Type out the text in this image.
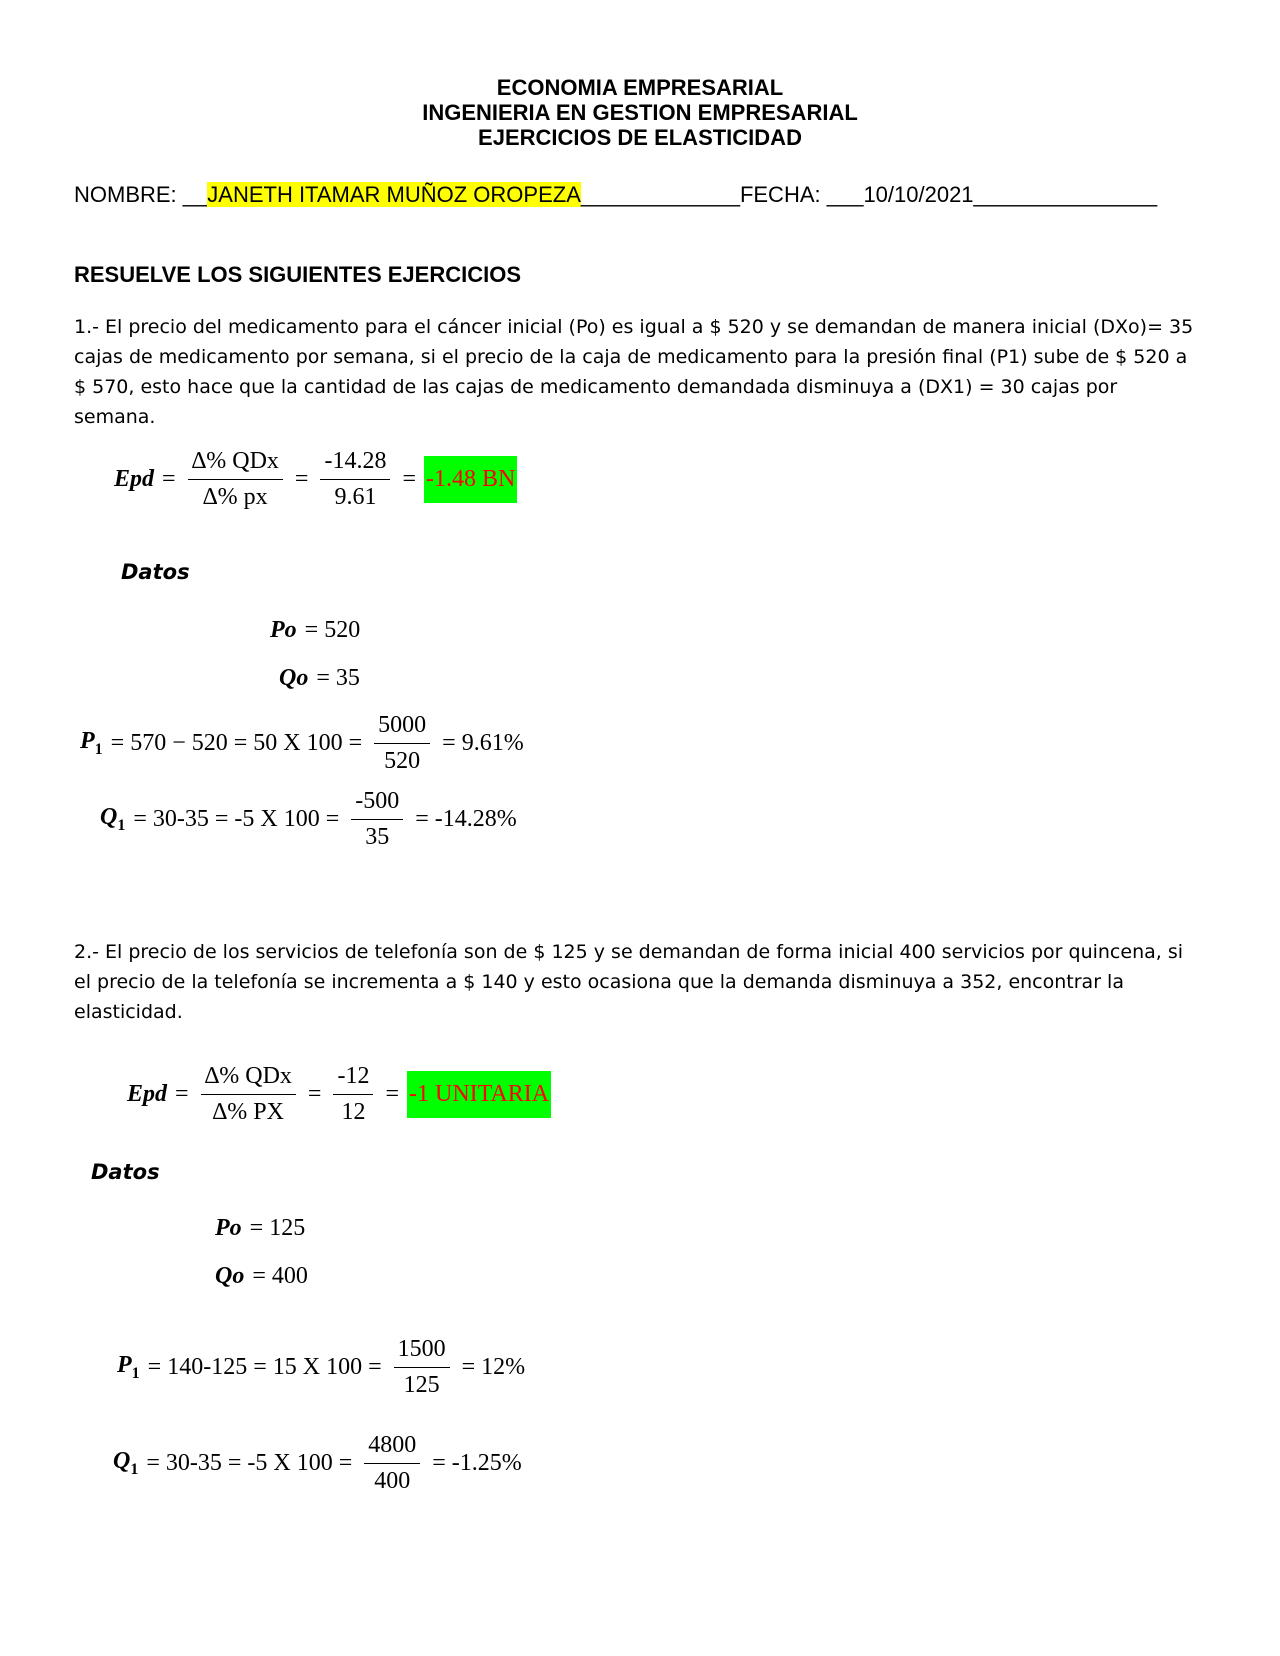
ECONOMIA EMPRESARIAL
INGENIERIA EN GESTION EMPRESARIAL
EJERCICIOS DE ELASTICIDAD
NOMBRE: __JANETH ITAMAR MUÑOZ OROPEZA_____________FECHA: ___10/10/2021_______________
RESUELVE LOS SIGUIENTES EJERCICIOS
1.- El precio del medicamento para el cáncer inicial (Po) es igual a $ 520 y se demandan de manera inicial (DXo)= 35 cajas de medicamento por semana, si el precio de la caja de medicamento para la presión final (P1) sube de $ 520 a $ 570, esto hace que la cantidad de las cajas de medicamento demandada disminuya a (DX1) = 30 cajas por semana.
Epd = $\frac{\text{∆\% QDx}}{\Delta\% px} = \frac{-14.28}{9.61} = -1.48$ BN
Datos
Po = 520
Qo = 35
$P_1 = 570 - 520 = 50$ X $100 = \frac{5000}{520} = 9.61\%$
$Q_1 = 30-35 = -5$ X $100 = \frac{-500}{35} = -14.28\%$
2.- El precio de los servicios de telefonía son de $ 125 y se demandan de forma inicial 400 servicios por quincena, si el precio de la telefonía se incrementa a $ 140 y esto ocasiona que la demanda disminuya a 352, encontrar la elasticidad.
Epd = $\frac{\text{∆\% QDx}}{\Delta\% PX} = \frac{-12}{12} = -1$ UNITARIA
Datos
Po = 125
Qo = 400
$P_1 = 140-125 = 15$ X $100 = \frac{1500}{125} = 12\%$
$Q_1 = 30-35 = -5$ X $100 = \frac{4800}{400} = -1.25\%$
